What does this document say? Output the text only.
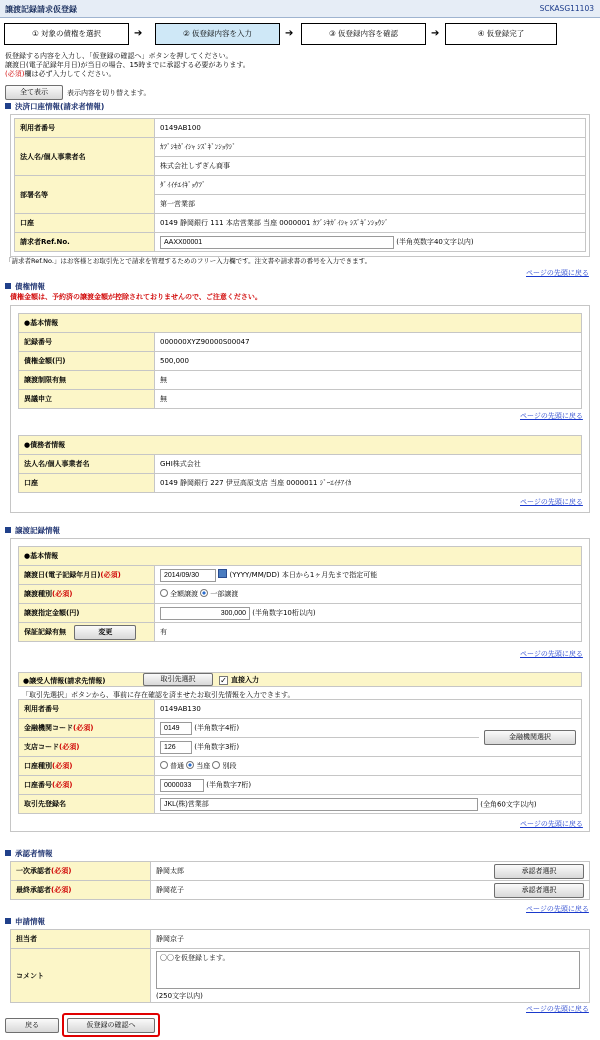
譲渡記録請求仮登録	SCKASG11103
① 対象の債権を選択	➔	② 仮登録内容を入力	➔	③ 仮登録内容を確認	➔	④ 仮登録完了
仮登録する内容を入力し、「仮登録の確認へ」ボタンを押してください。
譲渡日(電子記録年月日)が当日の場合、15時までに承認する必要があります。
(必須)欄は必ず入力してください。
全て表示	表示内容を切り替えます。
決済口座情報(請求者情報)
利用者番号	0149AB100
法人名/個人事業者名	ｶﾌﾞｼｷｶﾞｲｼｬ ｼｽﾞｷﾞﾝｼｮｳｼﾞ
	株式会社しずぎん商事
部署名等	ﾀﾞｲｲﾁｴｲｷﾞｮｳﾌﾞ
	第一営業部
口座	0149 静岡銀行 111 本店営業部 当座 0000001 ｶﾌﾞｼｷｶﾞｲｼｬ ｼｽﾞｷﾞﾝｼｮｳｼﾞ
請求者Ref.No.	AAXX00001(半角英数字40文字以内)
「請求者Ref.No.」はお客様とお取引先とで請求を管理するためのフリー入力欄です。注文書や請求書の番号を入力できます。
ページの先頭に戻る
債権情報
債権金額は、予約済の譲渡金額が控除されておりませんので、ご注意ください。
●基本情報	
記録番号	000000XYZ90000S00047
債権金額(円)	500,000
譲渡制限有無	無
異議申立	無
ページの先頭に戻る
●債務者情報	
法人名/個人事業者名	GHI株式会社
口座	0149 静岡銀行 227 伊豆高原支店 当座 0000011 ｼﾞｰｴｲﾁｱｲｶ
ページの先頭に戻る
譲渡記録情報
●基本情報	
譲渡日(電子記録年月日)(必須)	2014/09/30(YYYY/MM/DD) 本日から1ヶ月先まで指定可能
譲渡種別(必須)	全額譲渡 一部譲渡
譲渡指定金額(円)	300,000(半角数字10桁以内)
保証記録有無 変更	有
ページの先頭に戻る
●譲受人情報(請求先情報)	取引先選択	✓ 直接入力
「取引先選択」ボタンから、事前に存在確認を済ませたお取引先情報を入力できます。
利用者番号	0149AB130	
金融機関コード(必須)	0149(半角数字4桁)	金融機関選択
支店コード(必須)	126(半角数字3桁)
口座種別(必須)	普通 当座 別段	
口座番号(必須)	0000033(半角数字7桁)
取引先登録名	JKL(株)営業部(全角60文字以内)
ページの先頭に戻る
承認者情報
一次承認者(必須)	静岡太郎	承認者選択
最終承認者(必須)	静岡花子	承認者選択
ページの先頭に戻る
申請情報
担当者	静岡京子
コメント	〇〇を仮登録します。
(250文字以内)
ページの先頭に戻る
戻る	仮登録の確認へ
